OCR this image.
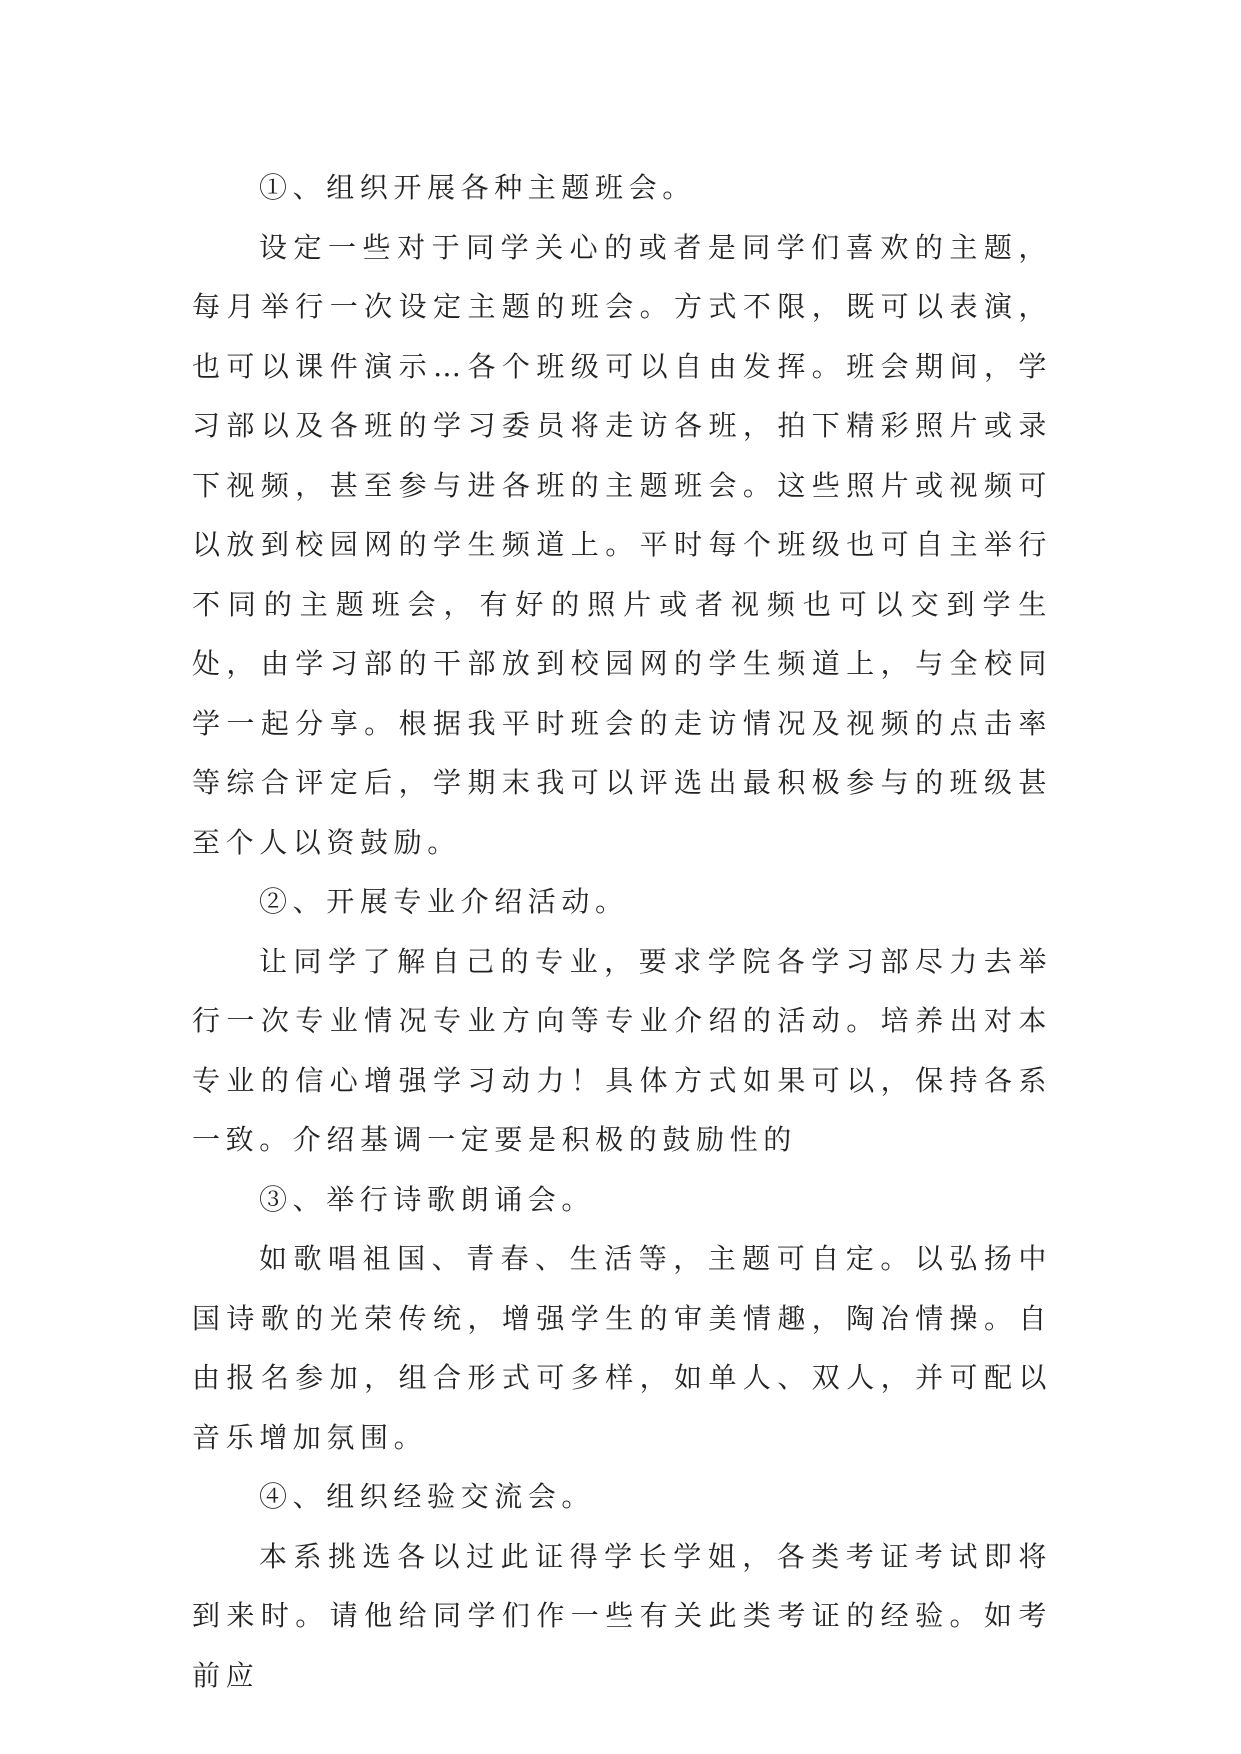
①、组织开展各种主题班会。

设定一些对于同学关心的或者是同学们喜欢的主题，每月举行一次设定主题的班会。方式不限，既可以表演，也可以课件演示…各个班级可以自由发挥。班会期间，学习部以及各班的学习委员将走访各班，拍下精彩照片或录下视频，甚至参与进各班的主题班会。这些照片或视频可以放到校园网的学生频道上。平时每个班级也可自主举行不同的主题班会，有好的照片或者视频也可以交到学生处，由学习部的干部放到校园网的学生频道上，与全校同学一起分享。根据我平时班会的走访情况及视频的点击率等综合评定后，学期末我可以评选出最积极参与的班级甚至个人以资鼓励。

②、开展专业介绍活动。

让同学了解自己的专业，要求学院各学习部尽力去举行一次专业情况专业方向等专业介绍的活动。培养出对本专业的信心增强学习动力！具体方式如果可以，保持各系一致。介绍基调一定要是积极的鼓励性的

③、举行诗歌朗诵会。

如歌唱祖国、青春、生活等，主题可自定。以弘扬中国诗歌的光荣传统，增强学生的审美情趣，陶冶情操。自由报名参加，组合形式可多样，如单人、双人，并可配以音乐增加氛围。

④、组织经验交流会。

本系挑选各以过此证得学长学姐，各类考证考试即将到来时。请他给同学们作一些有关此类考证的经验。如考前应
